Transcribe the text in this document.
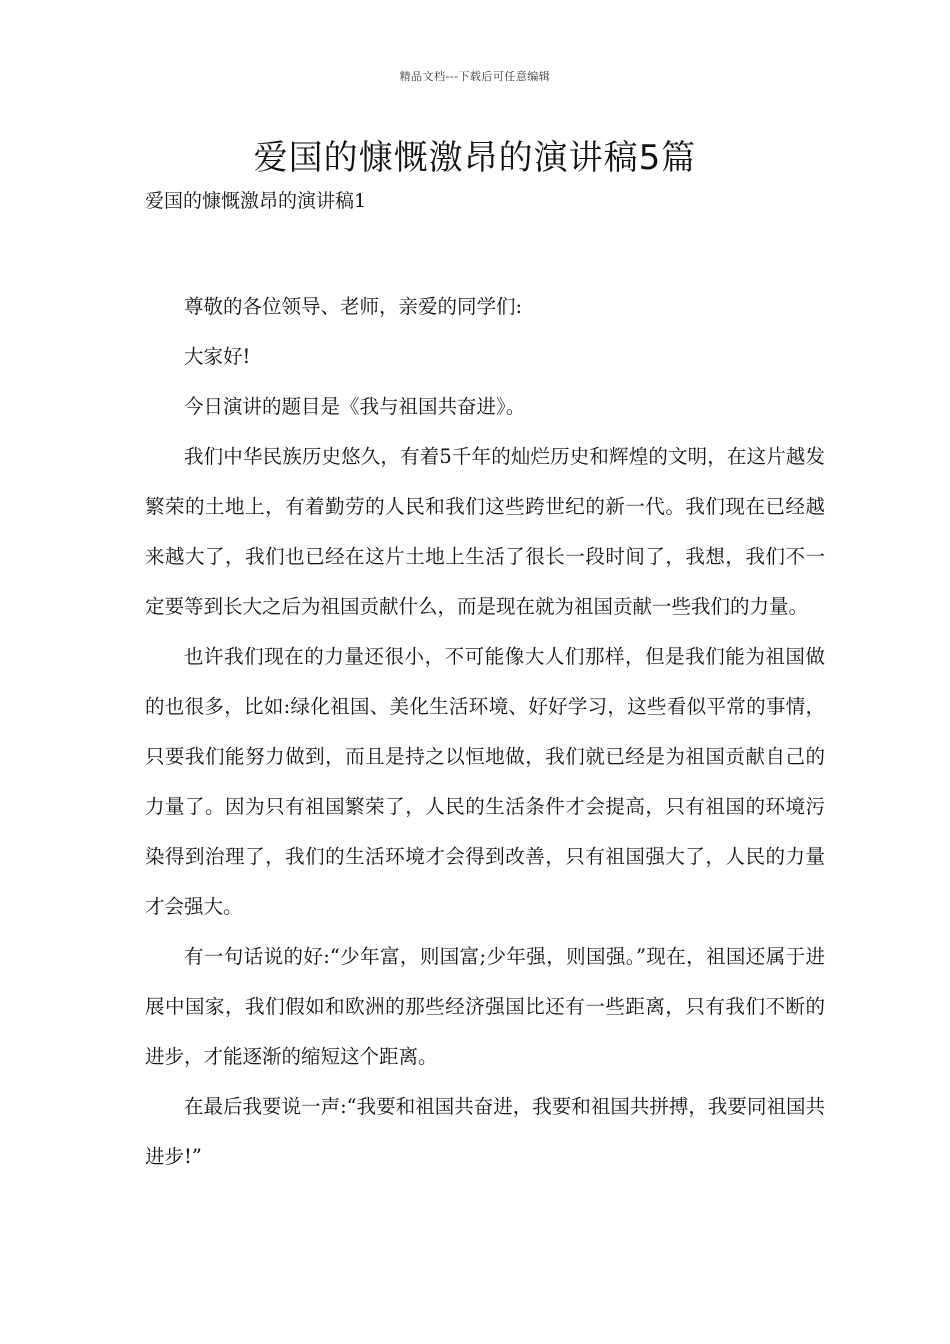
精品文档---下载后可任意编辑
爱国的慷慨激昂的演讲稿5篇
爱国的慷慨激昂的演讲稿1

尊敬的各位领导、老师，亲爱的同学们:

大家好!

今日演讲的题目是《我与祖国共奋进》。

我们中华民族历史悠久，有着5千年的灿烂历史和辉煌的文明，在这片越发繁荣的土地上，有着勤劳的人民和我们这些跨世纪的新一代。我们现在已经越来越大了，我们也已经在这片土地上生活了很长一段时间了，我想，我们不一定要等到长大之后为祖国贡献什么，而是现在就为祖国贡献一些我们的力量。

也许我们现在的力量还很小，不可能像大人们那样，但是我们能为祖国做的也很多，比如:绿化祖国、美化生活环境、好好学习，这些看似平常的事情，只要我们能努力做到，而且是持之以恒地做，我们就已经是为祖国贡献自己的力量了。因为只有祖国繁荣了，人民的生活条件才会提高，只有祖国的环境污染得到治理了，我们的生活环境才会得到改善，只有祖国强大了，人民的力量才会强大。

有一句话说的好:“少年富，则国富;少年强，则国强。”现在，祖国还属于进展中国家，我们假如和欧洲的那些经济强国比还有一些距离，只有我们不断的进步，才能逐渐的缩短这个距离。

在最后我要说一声:“我要和祖国共奋进，我要和祖国共拼搏，我要同祖国共进步!”
